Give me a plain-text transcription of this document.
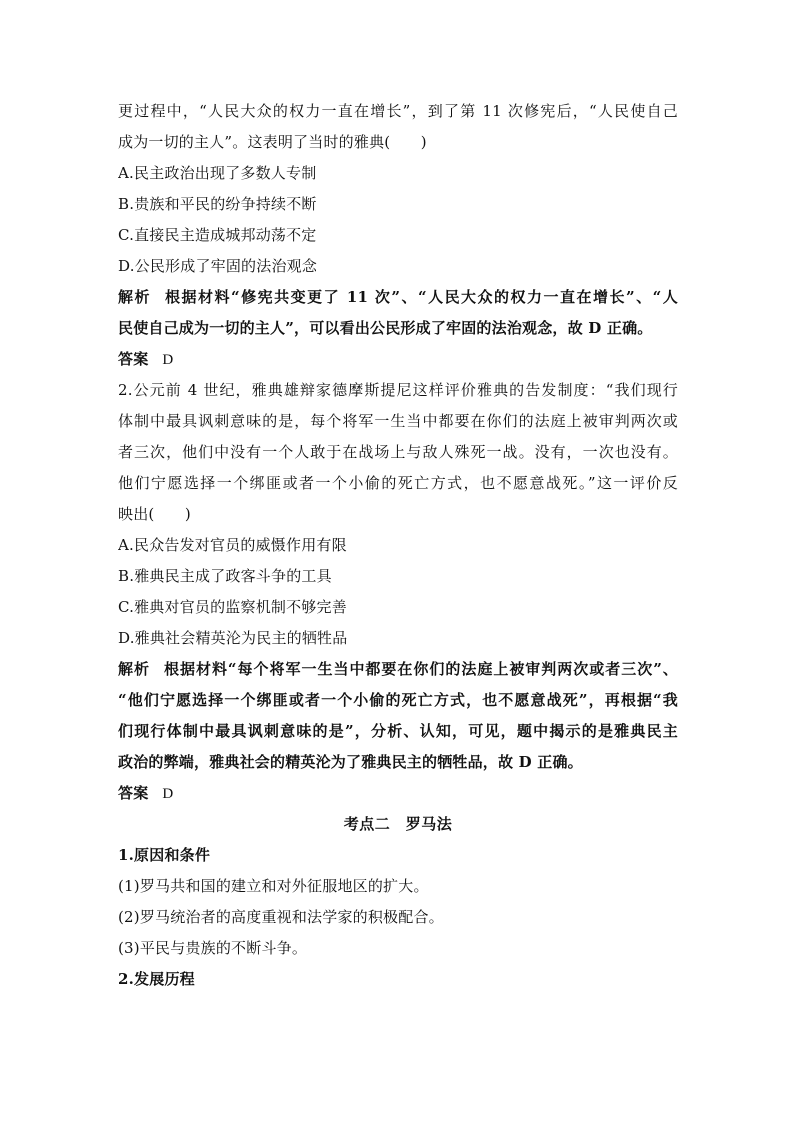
更过程中，“人民大众的权力一直在增长”，到了第 11 次修宪后，“人民使自己
成为一切的主人”。这表明了当时的雅典(　　)
A.民主政治出现了多数人专制
B.贵族和平民的纷争持续不断
C.直接民主造成城邦动荡不定
D.公民形成了牢固的法治观念
解析 根据材料“修宪共变更了 11 次”、“人民大众的权力一直在增长”、“人
民使自己成为一切的主人”，可以看出公民形成了牢固的法治观念，故 D 正确。
答案 D
2.公元前 4 世纪，雅典雄辩家德摩斯提尼这样评价雅典的告发制度：“我们现行
体制中最具讽刺意味的是，每个将军一生当中都要在你们的法庭上被审判两次或
者三次，他们中没有一个人敢于在战场上与敌人殊死一战。没有，一次也没有。
他们宁愿选择一个绑匪或者一个小偷的死亡方式，也不愿意战死。”这一评价反
映出(　　)
A.民众告发对官员的威慑作用有限
B.雅典民主成了政客斗争的工具
C.雅典对官员的监察机制不够完善
D.雅典社会精英沦为民主的牺牲品
解析 根据材料“每个将军一生当中都要在你们的法庭上被审判两次或者三次”、
“他们宁愿选择一个绑匪或者一个小偷的死亡方式，也不愿意战死”，再根据“我
们现行体制中最具讽刺意味的是”，分析、认知，可见，题中揭示的是雅典民主
政治的弊端，雅典社会的精英沦为了雅典民主的牺牲品，故 D 正确。
答案 D
考点二　罗马法
1.原因和条件
(1)罗马共和国的建立和对外征服地区的扩大。
(2)罗马统治者的高度重视和法学家的积极配合。
(3)平民与贵族的不断斗争。
2.发展历程
